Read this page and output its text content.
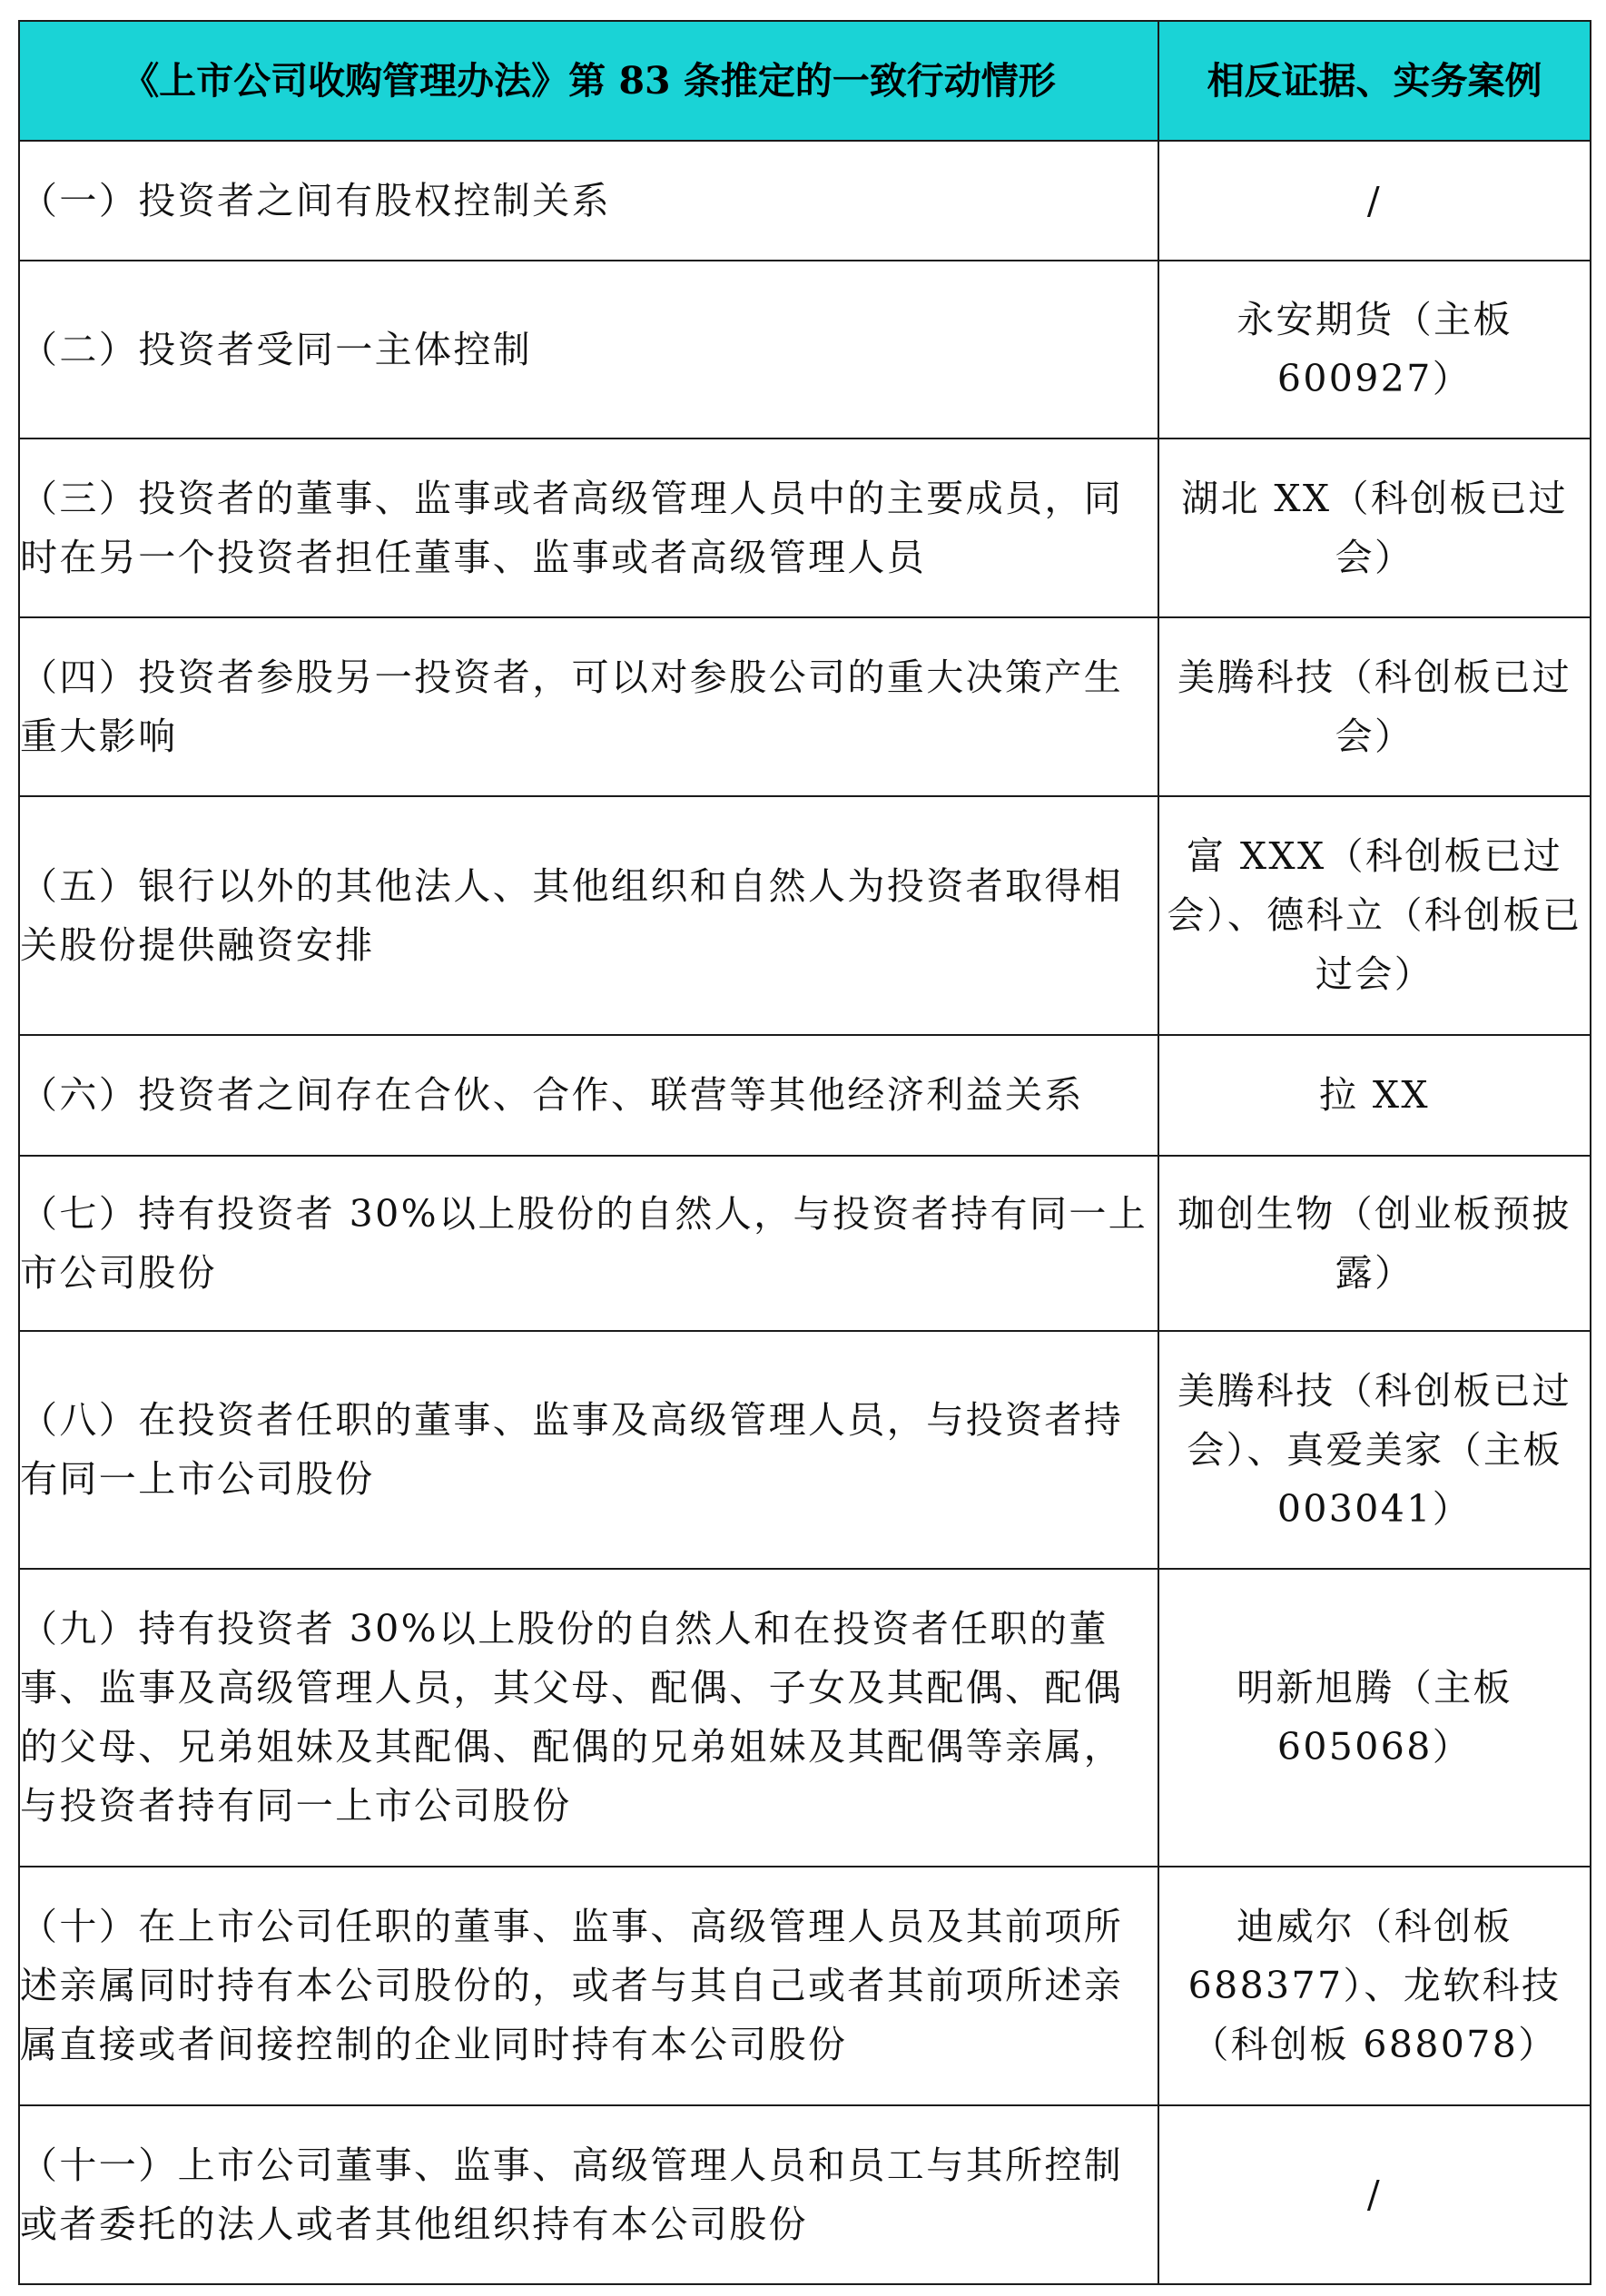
《上市公司收购管理办法》第 83 条推定的一致行动情形	相反证据、实务案例
（一）投资者之间有股权控制关系	/
（二）投资者受同一主体控制	永安期货（主板 600927）
（三）投资者的董事、监事或者高级管理人员中的主要成员，同时在另一个投资者担任董事、监事或者高级管理人员	湖北 XX（科创板已过会）
（四）投资者参股另一投资者，可以对参股公司的重大决策产生重大影响	美腾科技（科创板已过会）
（五）银行以外的其他法人、其他组织和自然人为投资者取得相关股份提供融资安排	富 XXX（科创板已过会）、德科立（科创板已过会）
（六）投资者之间存在合伙、合作、联营等其他经济利益关系	拉 XX
（七）持有投资者 30%以上股份的自然人，与投资者持有同一上市公司股份	珈创生物（创业板预披露）
（八）在投资者任职的董事、监事及高级管理人员，与投资者持有同一上市公司股份	美腾科技（科创板已过会）、真爱美家（主板 003041）
（九）持有投资者 30%以上股份的自然人和在投资者任职的董事、监事及高级管理人员，其父母、配偶、子女及其配偶、配偶的父母、兄弟姐妹及其配偶、配偶的兄弟姐妹及其配偶等亲属，与投资者持有同一上市公司股份	明新旭腾（主板 605068）
（十）在上市公司任职的董事、监事、高级管理人员及其前项所述亲属同时持有本公司股份的，或者与其自己或者其前项所述亲属直接或者间接控制的企业同时持有本公司股份	迪威尔（科创板 688377）、龙软科技（科创板 688078）
（十一）上市公司董事、监事、高级管理人员和员工与其所控制或者委托的法人或者其他组织持有本公司股份	/
